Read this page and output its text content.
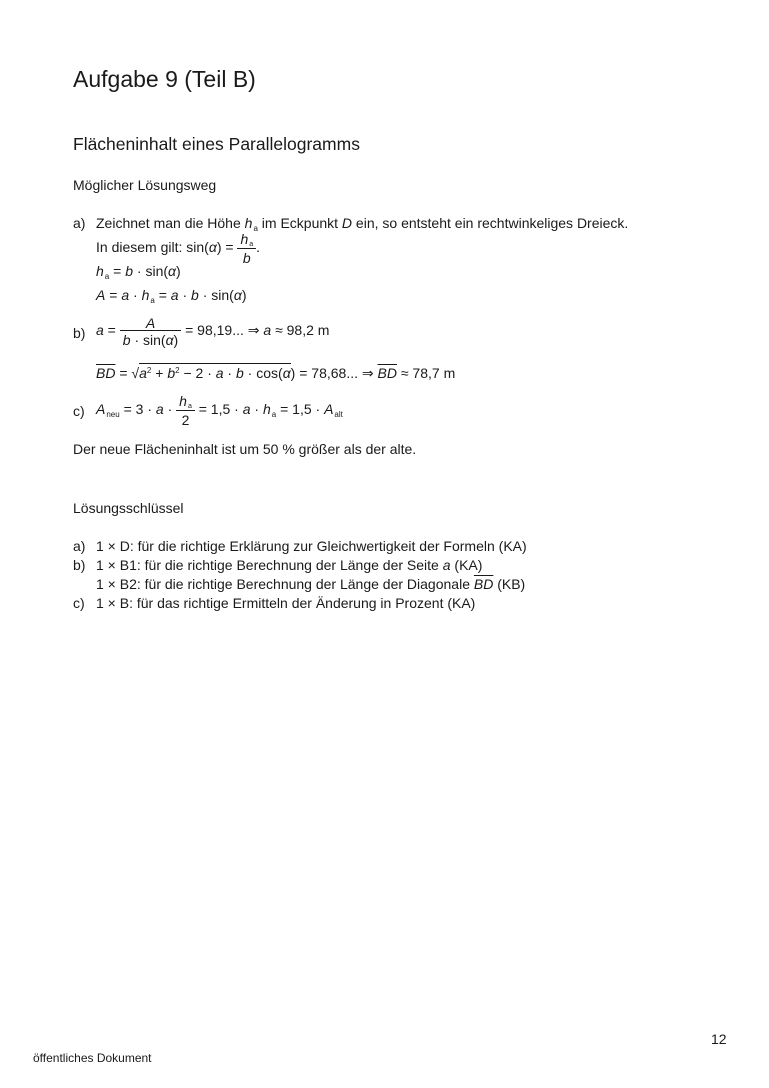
Aufgabe 9 (Teil B)
Flächeninhalt eines Parallelogramms
Möglicher Lösungsweg
a) Zeichnet man die Höhe $h_a$ im Eckpunkt D ein, so entsteht ein rechtwinkeliges Dreieck.
In diesem gilt: $\sin(\alpha) = \frac{h_a}{b}$ .
$h_a = b \cdot \sin(\alpha)$
$A = a \cdot h_a = a \cdot b \cdot \sin(\alpha)$
b) $a = \frac{A}{b \cdot \sin(\alpha)} = 98,19$... ⇒ a ≈ 98,2 m
$\overline{BD} = √a^2 + b^2 - 2 \cdot a \cdot b \cdot \cos(\alpha) = 78,68$... ⇒ $\overline{BD} \approx 78,7$ m
c) $A_{neu} = 3 \cdot a \cdot \frac{h_a}{2} = 1,5 \cdot a \cdot h_a = 1,5 \cdot A_{alt}$
Der neue Flächeninhalt ist um 50 % größer als der alte.
Lösungsschlüssel
a) 1 × D: für die richtige Erklärung zur Gleichwertigkeit der Formeln (KA)
b) 1 × B1: für die richtige Berechnung der Länge der Seite a (KA)
1 × B2: für die richtige Berechnung der Länge der Diagonale $\overline{BD}$ (KB)
c) 1 × B: für das richtige Ermitteln der Änderung in Prozent (KA)
12
öffentliches Dokument
